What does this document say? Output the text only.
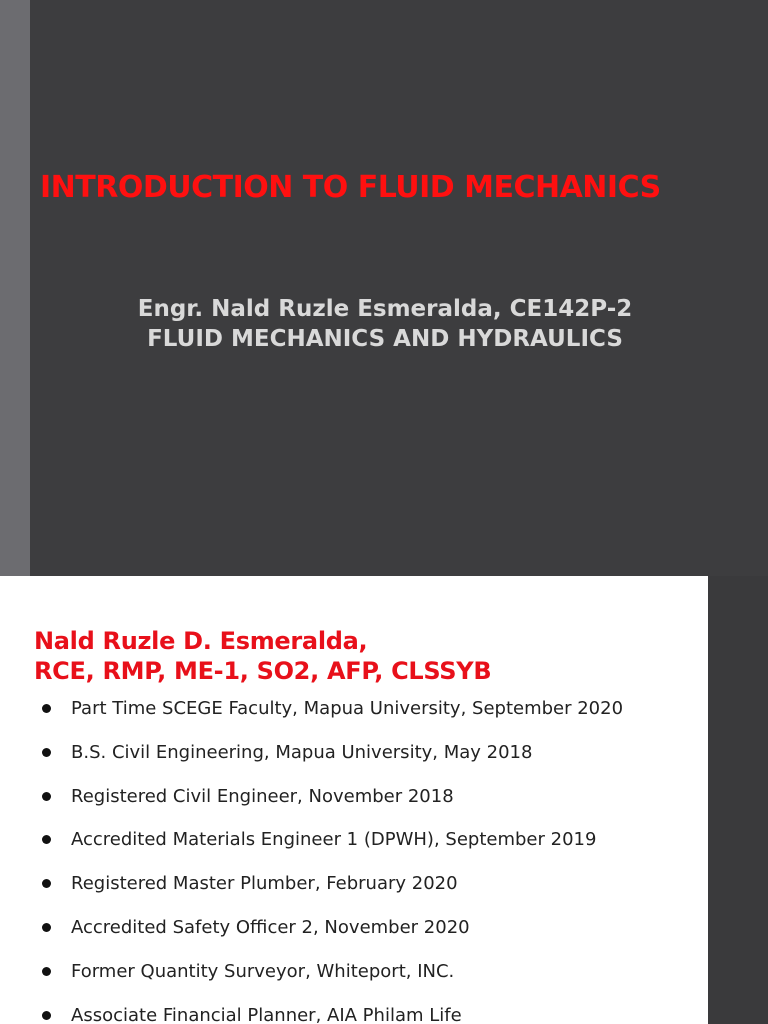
INTRODUCTION TO FLUID MECHANICS
Engr. Nald Ruzle Esmeralda, CE142P-2
FLUID MECHANICS AND HYDRAULICS
Nald Ruzle D. Esmeralda,
RCE, RMP, ME-1, SO2, AFP, CLSSYB
Part Time SCEGE Faculty, Mapua University, September 2020
B.S. Civil Engineering, Mapua University, May 2018
Registered Civil Engineer, November 2018
Accredited Materials Engineer 1 (DPWH), September 2019
Registered Master Plumber, February 2020
Accredited Safety Officer 2, November 2020
Former Quantity Surveyor, Whiteport, INC.
Associate Financial Planner, AIA Philam Life
